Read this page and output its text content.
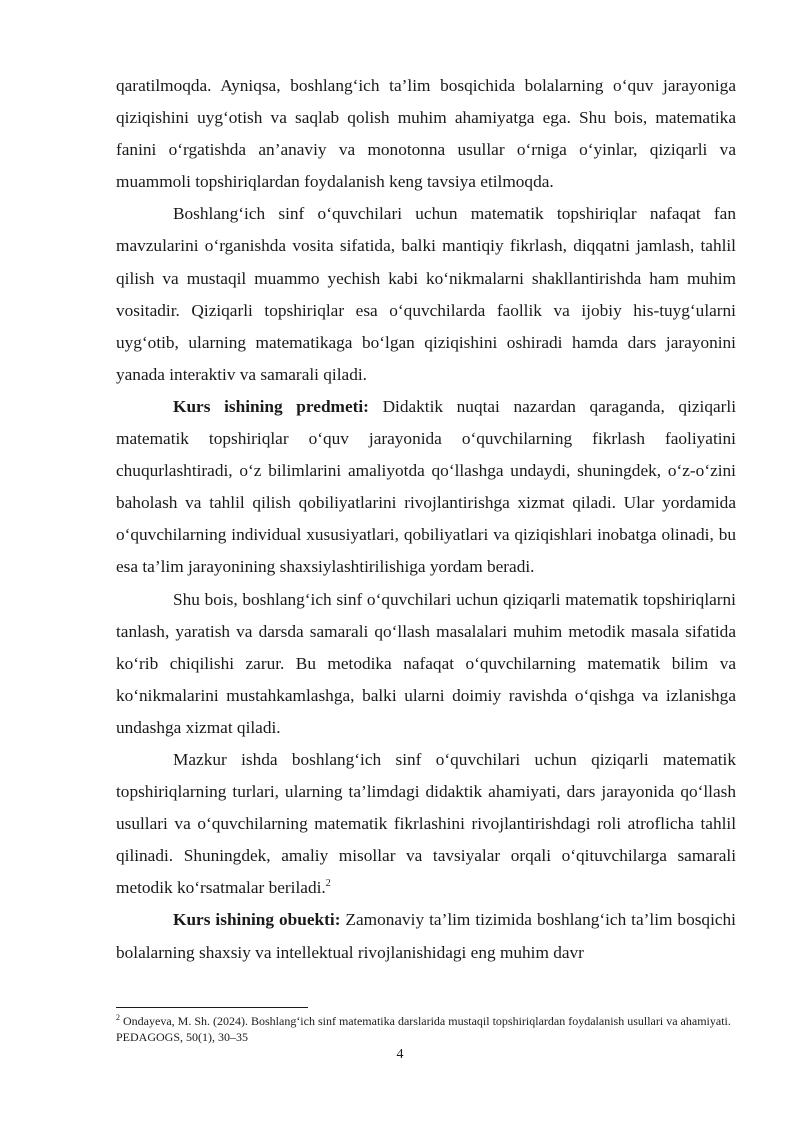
qaratilmoqda. Ayniqsa, boshlang‘ich ta’lim bosqichida bolalarning o‘quv jarayoniga qiziqishini uyg‘otish va saqlab qolish muhim ahamiyatga ega. Shu bois, matematika fanini o‘rgatishda an’anaviy va monotonna usullar o‘rniga o‘yinlar, qiziqarli va muammoli topshiriqlardan foydalanish keng tavsiya etilmoqda.

Boshlang‘ich sinf o‘quvchilari uchun matematik topshiriqlar nafaqat fan mavzularini o‘rganishda vosita sifatida, balki mantiqiy fikrlash, diqqatni jamlash, tahlil qilish va mustaqil muammo yechish kabi ko‘nikmalarni shakllantirishda ham muhim vositadir. Qiziqarli topshiriqlar esa o‘quvchilarda faollik va ijobiy his-tuyg‘ularni uyg‘otib, ularning matematikaga bo‘lgan qiziqishini oshiradi hamda dars jarayonini yanada interaktiv va samarali qiladi.

Kurs ishining predmeti: Didaktik nuqtai nazardan qaraganda, qiziqarli matematik topshiriqlar o‘quv jarayonida o‘quvchilarning fikrlash faoliyatini chuqurlashtiradi, o‘z bilimlarini amaliyotda qo‘llashga undaydi, shuningdek, o‘z-o‘zini baholash va tahlil qilish qobiliyatlarini rivojlantirishga xizmat qiladi. Ular yordamida o‘quvchilarning individual xususiyatlari, qobiliyatlari va qiziqishlari inobatga olinadi, bu esa ta’lim jarayonining shaxsiylashtirilishiga yordam beradi.

Shu bois, boshlang‘ich sinf o‘quvchilari uchun qiziqarli matematik topshiriqlarni tanlash, yaratish va darsda samarali qo‘llash masalalari muhim metodik masala sifatida ko‘rib chiqilishi zarur. Bu metodika nafaqat o‘quvchilarning matematik bilim va ko‘nikmalarini mustahkamlashga, balki ularni doimiy ravishda o‘qishga va izlanishga undashga xizmat qiladi.

Mazkur ishda boshlang‘ich sinf o‘quvchilari uchun qiziqarli matematik topshiriqlarning turlari, ularning ta’limdagi didaktik ahamiyati, dars jarayonida qo‘llash usullari va o‘quvchilarning matematik fikrlashini rivojlantirishdagi roli atroflicha tahlil qilinadi. Shuningdek, amaliy misollar va tavsiyalar orqali o‘qituvchilarga samarali metodik ko‘rsatmalar beriladi.$^2$

Kurs ishining obuekti: Zamonaviy ta’lim tizimida boshlang‘ich ta’lim bosqichi bolalarning shaxsiy va intellektual rivojlanishidagi eng muhim davr

$^2$ Ondayeva, M. Sh. (2024). Boshlang‘ich sinf matematika darslarida mustaqil topshiriqlardan foydalanish usullari va ahamiyati. PEDAGOGS, 50(1), 30–35
4
